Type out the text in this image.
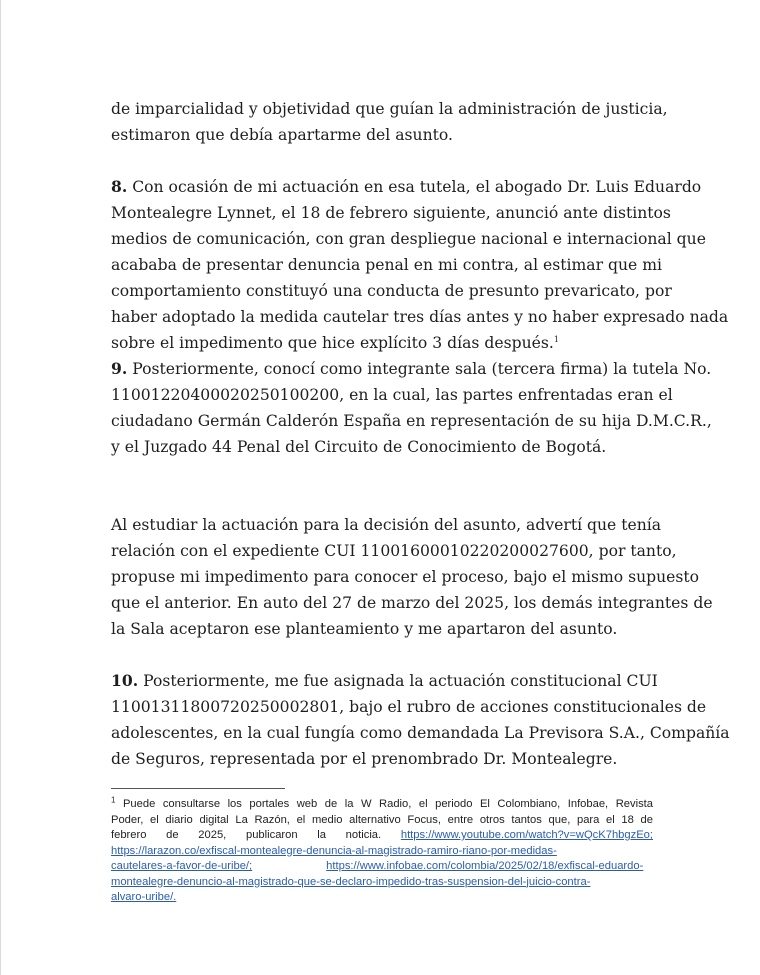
de imparcialidad y objetividad que guían la administración de justicia,
estimaron que debía apartarme del asunto.
8. Con ocasión de mi actuación en esa tutela, el abogado Dr. Luis Eduardo
Montealegre Lynnet, el 18 de febrero siguiente, anunció ante distintos
medios de comunicación, con gran despliegue nacional e internacional que
acababa de presentar denuncia penal en mi contra, al estimar que mi
comportamiento constituyó una conducta de presunto prevaricato, por
haber adoptado la medida cautelar tres días antes y no haber expresado nada
sobre el impedimento que hice explícito 3 días después.$^1$
9. Posteriormente, conocí como integrante sala (tercera firma) la tutela No.
11001220400020250100200, en la cual, las partes enfrentadas eran el
ciudadano Germán Calderón España en representación de su hija D.M.C.R.,
y el Juzgado 44 Penal del Circuito de Conocimiento de Bogotá.
Al estudiar la actuación para la decisión del asunto, advertí que tenía
relación con el expediente CUI 11001600010220200027600, por tanto,
propuse mi impedimento para conocer el proceso, bajo el mismo supuesto
que el anterior. En auto del 27 de marzo del 2025, los demás integrantes de
la Sala aceptaron ese planteamiento y me apartaron del asunto.
10. Posteriormente, me fue asignada la actuación constitucional CUI
11001311800720250002801, bajo el rubro de acciones constitucionales de
adolescentes, en la cual fungía como demandada La Previsora S.A., Compañía
de Seguros, representada por el prenombrado Dr. Montealegre.
$^1$ Puede consultarse los portales web de la W Radio, el periodo El Colombiano, Infobae, Revista
Poder, el diario digital La Razón, el medio alternativo Focus, entre otros tantos que, para el 18 de
febrero de 2025, publicaron la noticia. https://www.youtube.com/watch?v=wQcK7hbgzEo;
https://larazon.co/exfiscal-montealegre-denuncia-al-magistrado-ramiro-riano-por-medidas-
cautelares-a-favor-de-uribe/;	https://www.infobae.com/colombia/2025/02/18/exfiscal-eduardo-
montealegre-denuncio-al-magistrado-que-se-declaro-impedido-tras-suspension-del-juicio-contra-
alvaro-uribe/.
